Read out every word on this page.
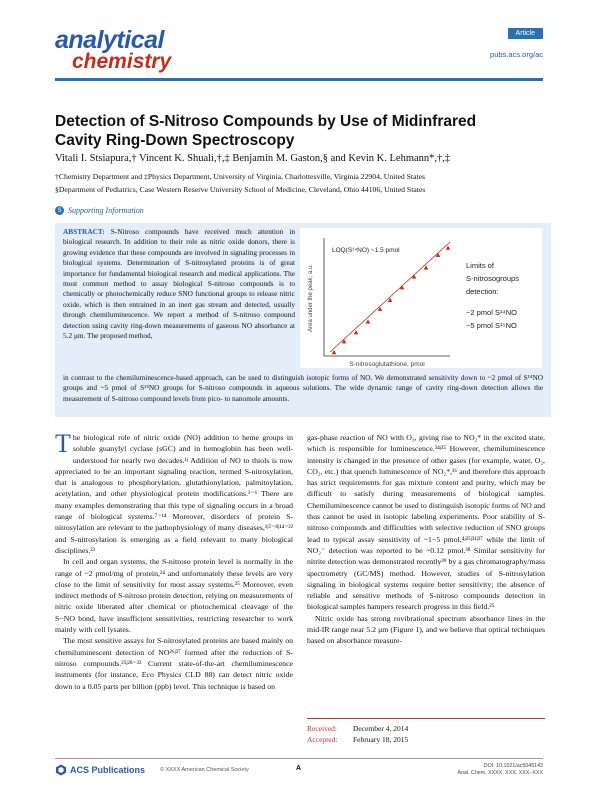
analytical
chemistry
Article
pubs.acs.org/ac
Detection of S-Nitroso Compounds by Use of Midinfrared Cavity Ring-Down Spectroscopy
Vitali I. Stsiapura,† Vincent K. Shuali,†,‡ Benjamin M. Gaston,§ and Kevin K. Lehmann*,†,‡
†Chemistry Department and ‡Physics Department, University of Virginia, Charlottesville, Virginia 22904, United States
§Department of Pediatrics, Case Western Reserve University School of Medicine, Cleveland, Ohio 44106, United States
S Supporting Information
ABSTRACT: S-Nitroso compounds have received much attention in biological research. In addition to their role as nitric oxide donors, there is growing evidence that these compounds are involved in signaling processes in biological systems. Determination of S-nitrosylated proteins is of great importance for fundamental biological research and medical applications. The most common method to assay biological S-nitroso compounds is to chemically or photochemically reduce SNO functional groups to release nitric oxide, which is then entrained in an inert gas stream and detected, usually through chemiluminescence. We report a method of S-nitroso compound detection using cavity ring-down measurements of gaseous NO absorbance at 5.2 μm. The proposed method,
in contrast to the chemiluminescence-based approach, can be used to distinguish isotopic forms of NO. We demonstrated sensitivity down to ~2 pmol of S¹⁴NO groups and ~5 pmol of S¹⁵NO groups for S-nitroso compounds in aqueous solutions. The wide dynamic range of cavity ring-down detection allows the measurement of S-nitroso compound levels from pico- to nanomole amounts.
Area under the peak, a.u.
S-nitrosoglutathione, pmol
LOQ(S¹⁴NO) ~1.5 pmol
Limits of
S-nitrosogroups
detection:
~2 pmol S¹⁴NO
~5 pmol S¹⁵NO

The biological role of nitric oxide (NO) addition to heme groups in soluble guanylyl cyclase (sGC) and in hemoglobin has been well-understood for nearly two decades.¹ʲ Addition of NO to thiols is now appreciated to be an important signaling reaction, termed S-nitrosylation, that is analogous to phosphorylation, glutathionylation, palmitoylation, acetylation, and other physiological protein modifications.¹⁻⁶ There are many examples demonstrating that this type of signaling occurs in a broad range of biological systems.⁷⁻¹⁴ Moreover, disorders of protein S-nitrosylation are relevant to the pathophysiology of many diseases,¹ʲ⁵⁻⁸ʲ¹⁴⁻²² and S-nitrosylation is emerging as a field relevant to many biological disciplines.²³

In cell and organ systems, the S-nitroso protein level is normally in the range of ~2 pmol/mg of protein,²⁴ and unfortunately these levels are very close to the limit of sensitivity for most assay systems.²⁵ Moreover, even indirect methods of S-nitroso protein detection, relying on measurements of nitric oxide liberated after chemical or photochemical cleavage of the S−NO bond, have insufficient sensitivities, restricting researcher to work mainly with cell lysates.

The most sensitive assays for S-nitrosylated proteins are based mainly on chemiluminescent detection of NO²⁶ʲ²⁷ formed after the reduction of S-nitroso compounds.²⁵ʲ²⁸⁻³³ Current state-of-the-art chemiluminescence instruments (for instance, Eco Physics CLD 88) can detect nitric oxide down to a 0.05 parts per billion (ppb) level. This technique is based on

gas-phase reaction of NO with O₃, giving rise to NO₂* in the excited state, which is responsible for luminescence.³⁴ʲ³⁵ However, chemiluminescence intensity is changed in the presence of other gases (for example, water, O₂, CO₂, etc.) that quench luminescence of NO₂*,³⁶ and therefore this approach has strict requirements for gas mixture content and purity, which may be difficult to satisfy during measurements of biological samples. Chemiluminescence cannot be used to distinguish isotopic forms of NO and thus cannot be used in isotopic labeling experiments. Poor stability of S-nitroso compounds and difficulties with selective reduction of SNO groups lead to typical assay sensitivity of ~1−5 pmol,⁴ʲ²⁵ʲ³¹ʲ³⁷ while the limit of NO₂⁻ detection was reported to be ~0.12 pmol.³⁸ Similar sensitivity for nitrite detection was demonstrated recently³⁹ by a gas chromatography/mass spectrometry (GC/MS) method. However, studies of S-nitrosylation signaling in biological systems require better sensitivity; the absence of reliable and sensitive methods of S-nitroso compounds detection in biological samples hampers research progress in this field.²⁵

Nitric oxide has strong rovibrational spectrum absorbance lines in the mid-IR range near 5.2 μm (Figure 1), and we believe that optical techniques based on absorbance measure-

Received: December 4, 2014
Accepted: February 18, 2015
ACS Publications	© XXXX American Chemical Society	A	DOI: 10.1021/ac5045143
Anal. Chem. XXXX, XXX, XXX−XXX
